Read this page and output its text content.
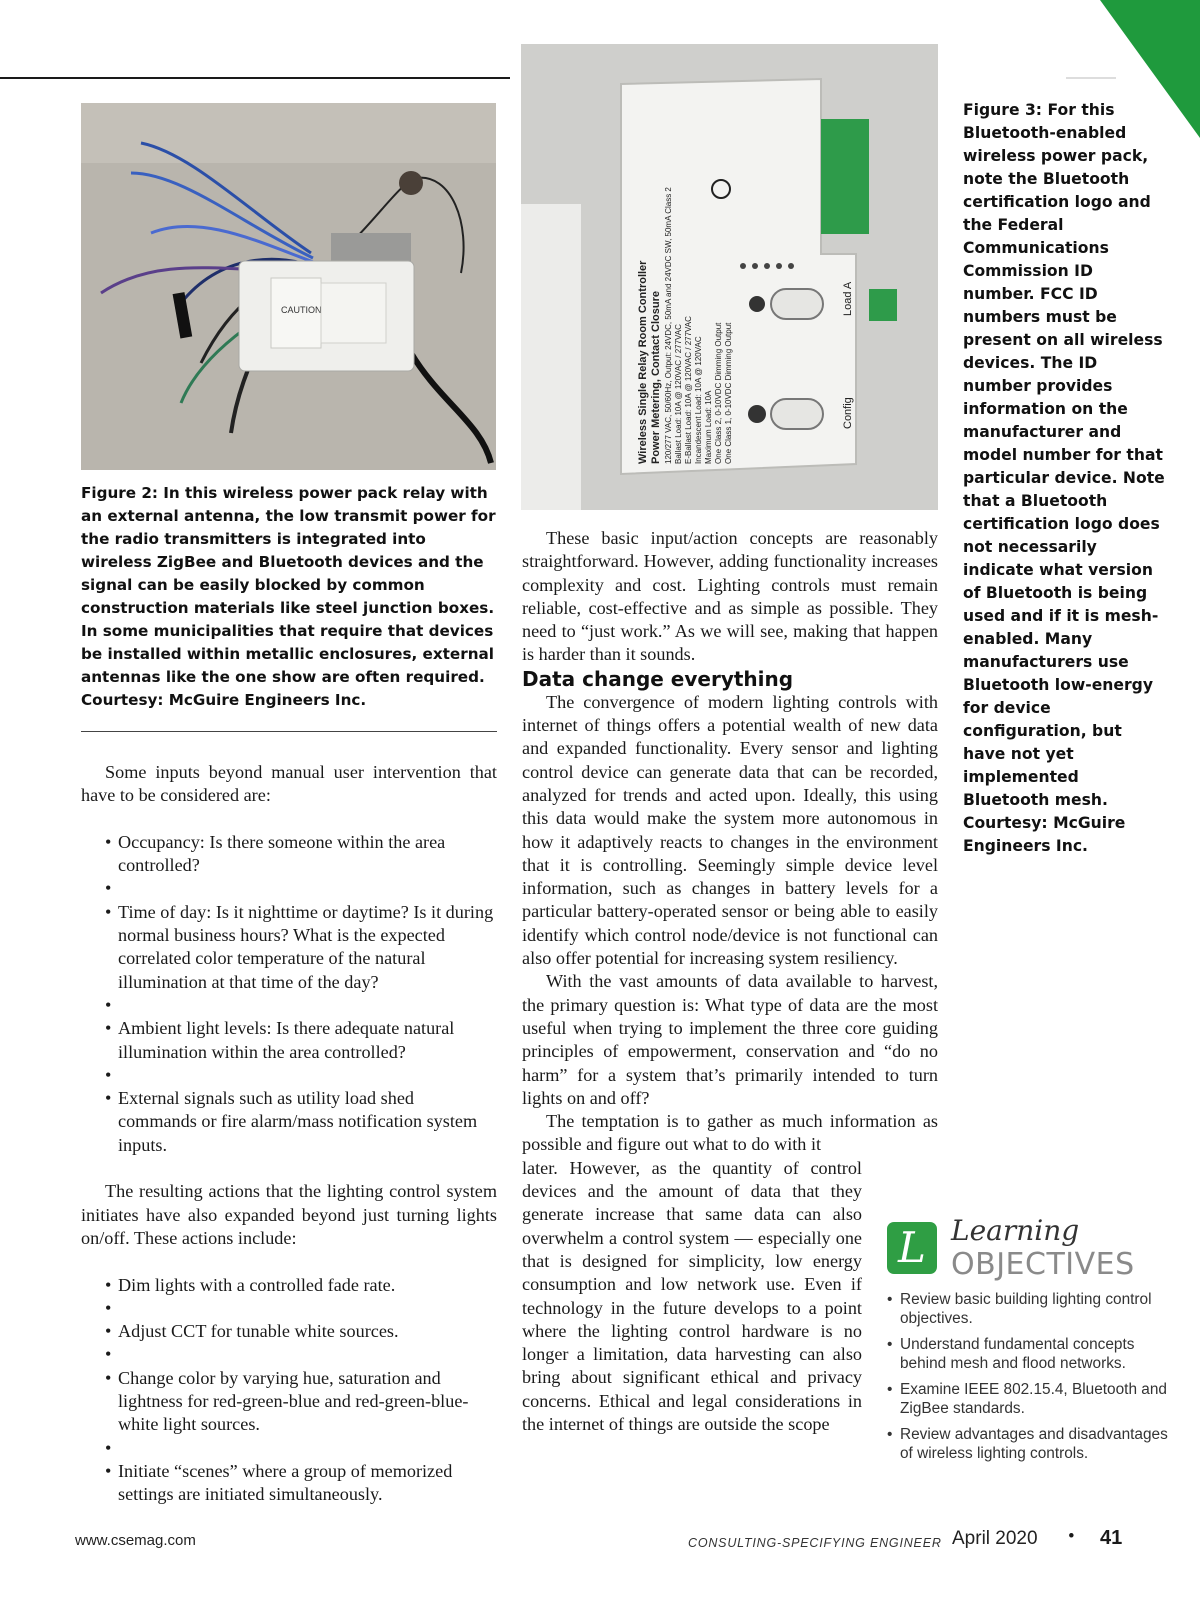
CAUTION	Wireless Single Relay Room Controller Power Metering, Contact Closure 120/277 VAC, 50/60Hz, Output: 24VDC, 50mA and 24VDC SW, 50mA Class 2 Ballast Load: 10A @ 120VAC / 277VAC E-Ballast Load: 10A @ 120VAC / 277VAC Incandescent Load: 10A @ 120VAC Maximum Load: 10A One Class 2, 0-10VDC Dimming Output One Class 1, 0-10VDC Dimming Output
Load A
Config
Figure 2: In this wireless power pack relay with an external antenna, the low transmit power for the radio transmitters is integrated into wireless ZigBee and Bluetooth devices and the signal can be easily blocked by common construction materials like steel junction boxes. In some municipalities that require that devices be installed within metallic enclosures, external antennas like the one show are often required. Courtesy: McGuire Engineers Inc.
Figure 3: For this Bluetooth-enabled wireless power pack, note the Bluetooth certification logo and the Federal Communications Commission ID number. FCC ID numbers must be present on all wireless devices. The ID number provides information on the manufacturer and model number for that particular device. Note that a Bluetooth certification logo does not necessarily indicate what version of Bluetooth is being used and if it is mesh-enabled. Many manufacturers use Bluetooth low-energy for device configuration, but have not yet implemented Bluetooth mesh. Courtesy: McGuire Engineers Inc.

Some inputs beyond manual user intervention that have to be considered are:

• Occupancy: Is there someone within the area controlled?
•
• Time of day: Is it nighttime or daytime? Is it during normal business hours? What is the expected correlated color temperature of the natural illumination at that time of the day?
•
• Ambient light levels: Is there adequate natural illumination within the area controlled?
•
• External signals such as utility load shed commands or fire alarm/mass notification system inputs.

The resulting actions that the lighting control system initiates have also expanded beyond just turning lights on/off. These actions include:

• Dim lights with a controlled fade rate.
•
• Adjust CCT for tunable white sources.
•
• Change color by varying hue, saturation and lightness for red-green-blue and red-green-blue-white light sources.
•
• Initiate “scenes” where a group of memorized settings are initiated simultaneously.

These basic input/action concepts are reasonably straightforward. However, adding functionality increases complexity and cost. Lighting controls must remain reliable, cost-effective and as simple as possible. They need to “just work.” As we will see, making that happen is harder than it sounds.

Data change everything

The convergence of modern lighting controls with internet of things offers a potential wealth of new data and expanded functionality. Every sensor and lighting control device can generate data that can be recorded, analyzed for trends and acted upon. Ideally, this using this data would make the system more autonomous in how it adaptively reacts to changes in the environment that it is controlling. Seemingly simple device level information, such as changes in battery levels for a particular battery-operated sensor or being able to easily identify which control node/device is not functional can also offer potential for increasing system resiliency.

With the vast amounts of data available to harvest, the primary question is: What type of data are the most useful when trying to implement the three core guiding principles of empowerment, conservation and “do no harm” for a system that’s primarily intended to turn lights on and off?

The temptation is to gather as much information as possible and figure out what to do with it

later. However, as the quantity of control devices and the amount of data that they generate increase that same data can also overwhelm a control system — especially one that is designed for simplicity, low energy consumption and low network use. Even if technology in the future develops to a point where the lighting control hardware is no longer a limitation, data harvesting can also bring about significant ethical and privacy concerns. Ethical and legal considerations in the internet of things are outside the scope

L Learning
OBJECTIVES
• Review basic building lighting control objectives.
• Understand fundamental concepts behind mesh and flood networks.
• Examine IEEE 802.15.4, Bluetooth and ZigBee standards.
• Review advantages and disadvantages of wireless lighting controls.
www.csemag.com	CONSULTING-SPECIFYING ENGINEER April 2020 • 41
